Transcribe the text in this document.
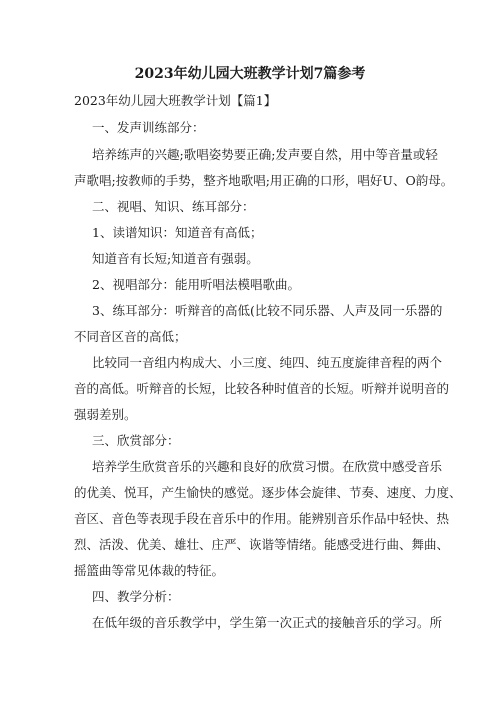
2023年幼儿园大班教学计划7篇参考
2023年幼儿园大班教学计划【篇1】
一、发声训练部分：
培养练声的兴趣;歌唱姿势要正确;发声要自然，用中等音量或轻
声歌唱;按教师的手势，整齐地歌唱;用正确的口形，唱好U、O韵母。
二、视唱、知识、练耳部分：
1、读谱知识：知道音有高低；
知道音有长短;知道音有强弱。
2、视唱部分：能用听唱法模唱歌曲。
3、练耳部分：听辩音的高低(比较不同乐器、人声及同一乐器的
不同音区音的高低；
比较同一音组内构成大、小三度、纯四、纯五度旋律音程的两个
音的高低。听辩音的长短，比较各种时值音的长短。听辩并说明音的
强弱差别。
三、欣赏部分：
培养学生欣赏音乐的兴趣和良好的欣赏习惯。在欣赏中感受音乐
的优美、悦耳，产生愉快的感觉。逐步体会旋律、节奏、速度、力度、
音区、音色等表现手段在音乐中的作用。能辨别音乐作品中轻快、热
烈、活泼、优美、雄壮、庄严、诙谐等情绪。能感受进行曲、舞曲、
摇篮曲等常见体裁的特征。
四、教学分析：
在低年级的音乐教学中，学生第一次正式的接触音乐的学习。所
